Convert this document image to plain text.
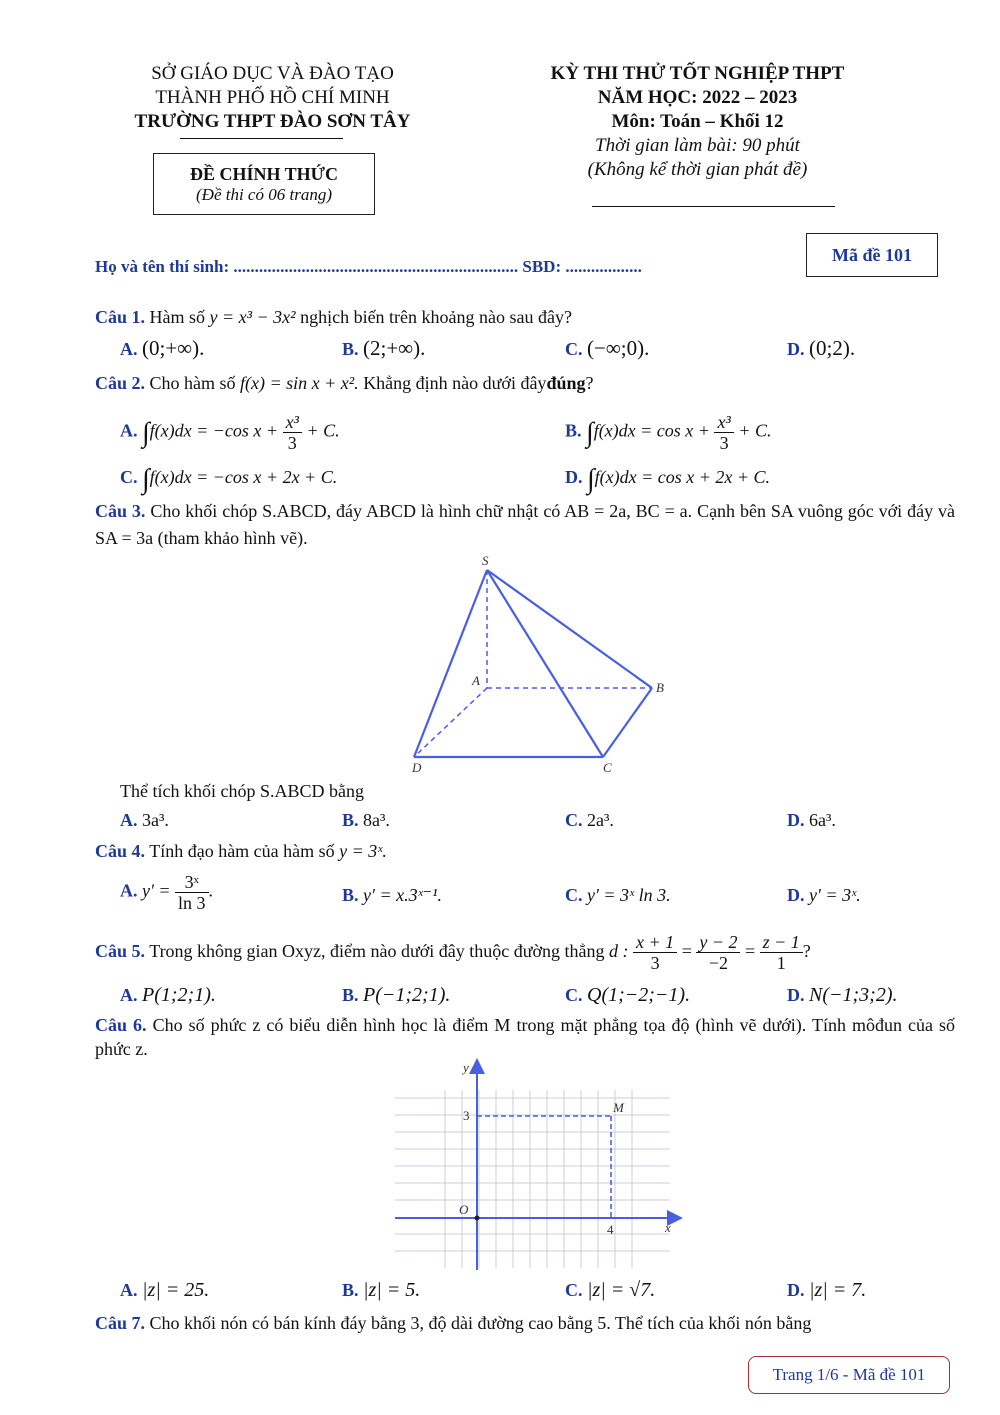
SỞ GIÁO DỤC VÀ ĐÀO TẠO
THÀNH PHỐ HỒ CHÍ MINH
TRƯỜNG THPT ĐÀO SƠN TÂY
ĐỀ CHÍNH THỨC
(Đề thi có 06 trang)
KỲ THI THỬ TỐT NGHIỆP THPT
NĂM HỌC: 2022 – 2023
Môn: Toán – Khối 12
Thời gian làm bài: 90 phút
(Không kể thời gian phát đề)
Họ và tên thí sinh: ................................................................... SBD: ..................
Mã đề 101
Câu 1. Hàm số y = x³ − 3x² nghịch biến trên khoảng nào sau đây?
A. (0;+∞).	B. (2;+∞).	C. (−∞;0).	D. (0;2).
Câu 2. Cho hàm số f(x) = sin x + x². Khẳng định nào dưới đâyđúng?
A. ∫f(x)dx = −cos $x + \frac{\text{x³}}{3} + C$.	B. $\int f(x)dx = \cos x + \frac{\text{x³}}{3} + C$.
C. ∫f(x)dx = −cos x + 2x + C.	D. ∫f(x)dx = cos x + 2x + C.
Câu 3. Cho khối chóp S.ABCD, đáy ABCD là hình chữ nhật có AB = 2a, BC = a. Cạnh bên SA vuông góc với đáy và SA = 3a (tham khảo hình vẽ).
S
A	B
C
D
Thể tích khối chóp S.ABCD bằng
A. 3a³.	B. 8a³.	C. 2a³.	D. 6a³.
Câu 4. Tính đạo hàm của hàm số y = 3ˣ.
A. $y' = \frac{\text{3ˣ}}{\ln 3}$ .	B. y′ = x.3ˣ⁻¹.	C. y' = 3ˣ ln 3.	D. y′ = 3ˣ.
Câu 5. Trong không gian Oxyz, điểm nào dưới đây thuộc đường thẳng d : $\frac{x + 1}{3} = \frac{y - 2}{-2} = \frac{z - 1}{1}$ ?
A. P(1;2;1).	B. P(−1;2;1).	C. Q(1;−2;−1).	D. N(−1;3;2).
Câu 6. Cho số phức z có biểu diễn hình học là điểm M trong mặt phẳng tọa độ (hình vẽ dưới). Tính môđun của số phức z.
y
x
O
M
3
4
A. |z| = 25.	B. |z| = 5.	C. |z| = √7.	D. |z| = 7.
Câu 7. Cho khối nón có bán kính đáy bằng 3, độ dài đường cao bằng 5. Thể tích của khối nón bằng
Trang 1/6 - Mã đề 101
